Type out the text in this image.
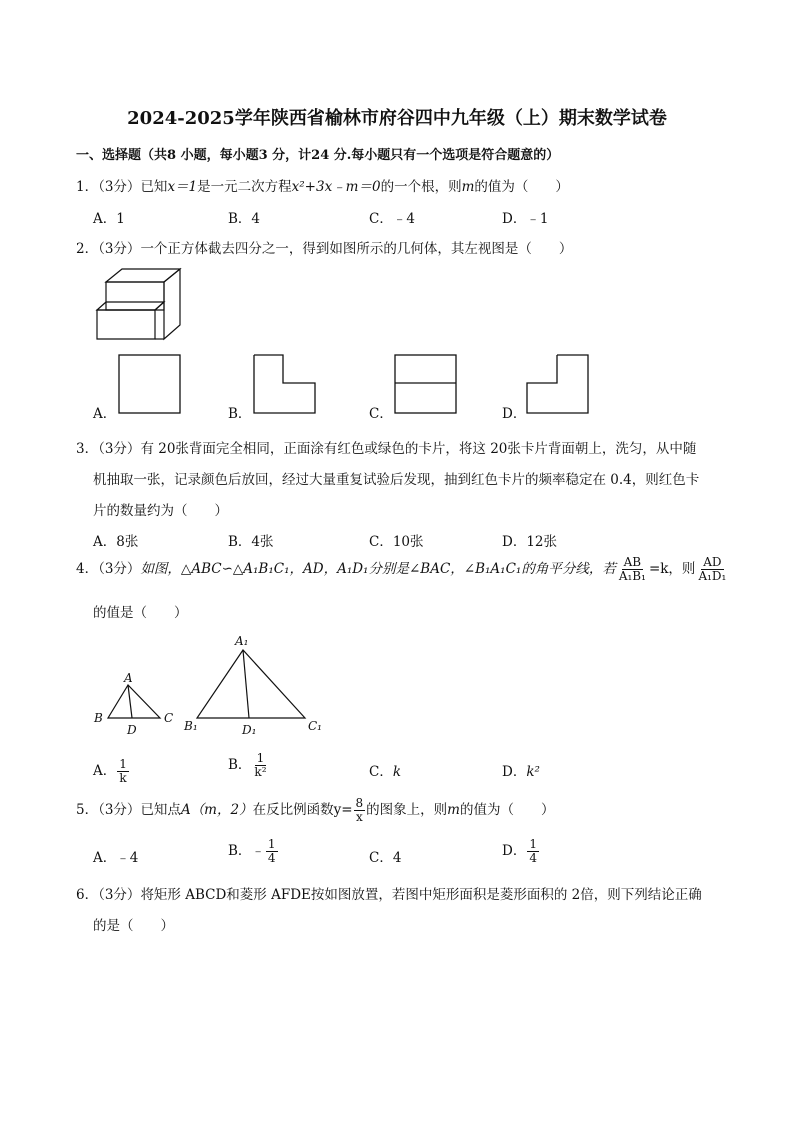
2024-2025学年陕西省榆林市府谷四中九年级（上）期末数学试卷
一、选择题（共8 小题，每小题3 分，计24 分.每小题只有一个选项是符合题意的）
1．（3分）已知x＝1是一元二次方程x²+3x﹣m＝0的一个根，则m的值为（　　）
A．1	B．4	C．﹣4	D．﹣1
2．（3分）一个正方体截去四分之一，得到如图所示的几何体，其左视图是（　　）
A．	B．	C．	D．
3．（3分）有 20张背面完全相同，正面涂有红色或绿色的卡片，将这 20张卡片背面朝上，洗匀，从中随
机抽取一张，记录颜色后放回，经过大量重复试验后发现，抽到红色卡片的频率稳定在 0.4，则红色卡
片的数量约为（　　）
A．8张	B．4张	C．10张	D．12张
4．（3分）如图，△ABC∽△A₁B₁C₁，AD，A₁D₁分别是∠BAC，∠B₁A₁C₁的角平分线，若 $\frac{AB}{\text{A₁B₁}} =k$，则 $\frac{AD}{\text{A₁D₁}}$
的值是（　　）
A
B	C
D
A₁
B₁	D₁	C₁
A． $\frac{1}{k}$	B． $\frac{1}{\text{k²}}$	C．k	D．k²
5．（3分）已知点A（m，2）在反比例函数$y= \frac{8}{x}$ 的图象上，则m的值为（　　）
A．﹣4	B．﹣ $\frac{1}{4}$	C．4	D． $\frac{1}{4}$
6．（3分）将矩形 ABCD和菱形 AFDE按如图放置，若图中矩形面积是菱形面积的 2倍，则下列结论正确
的是（　　）
